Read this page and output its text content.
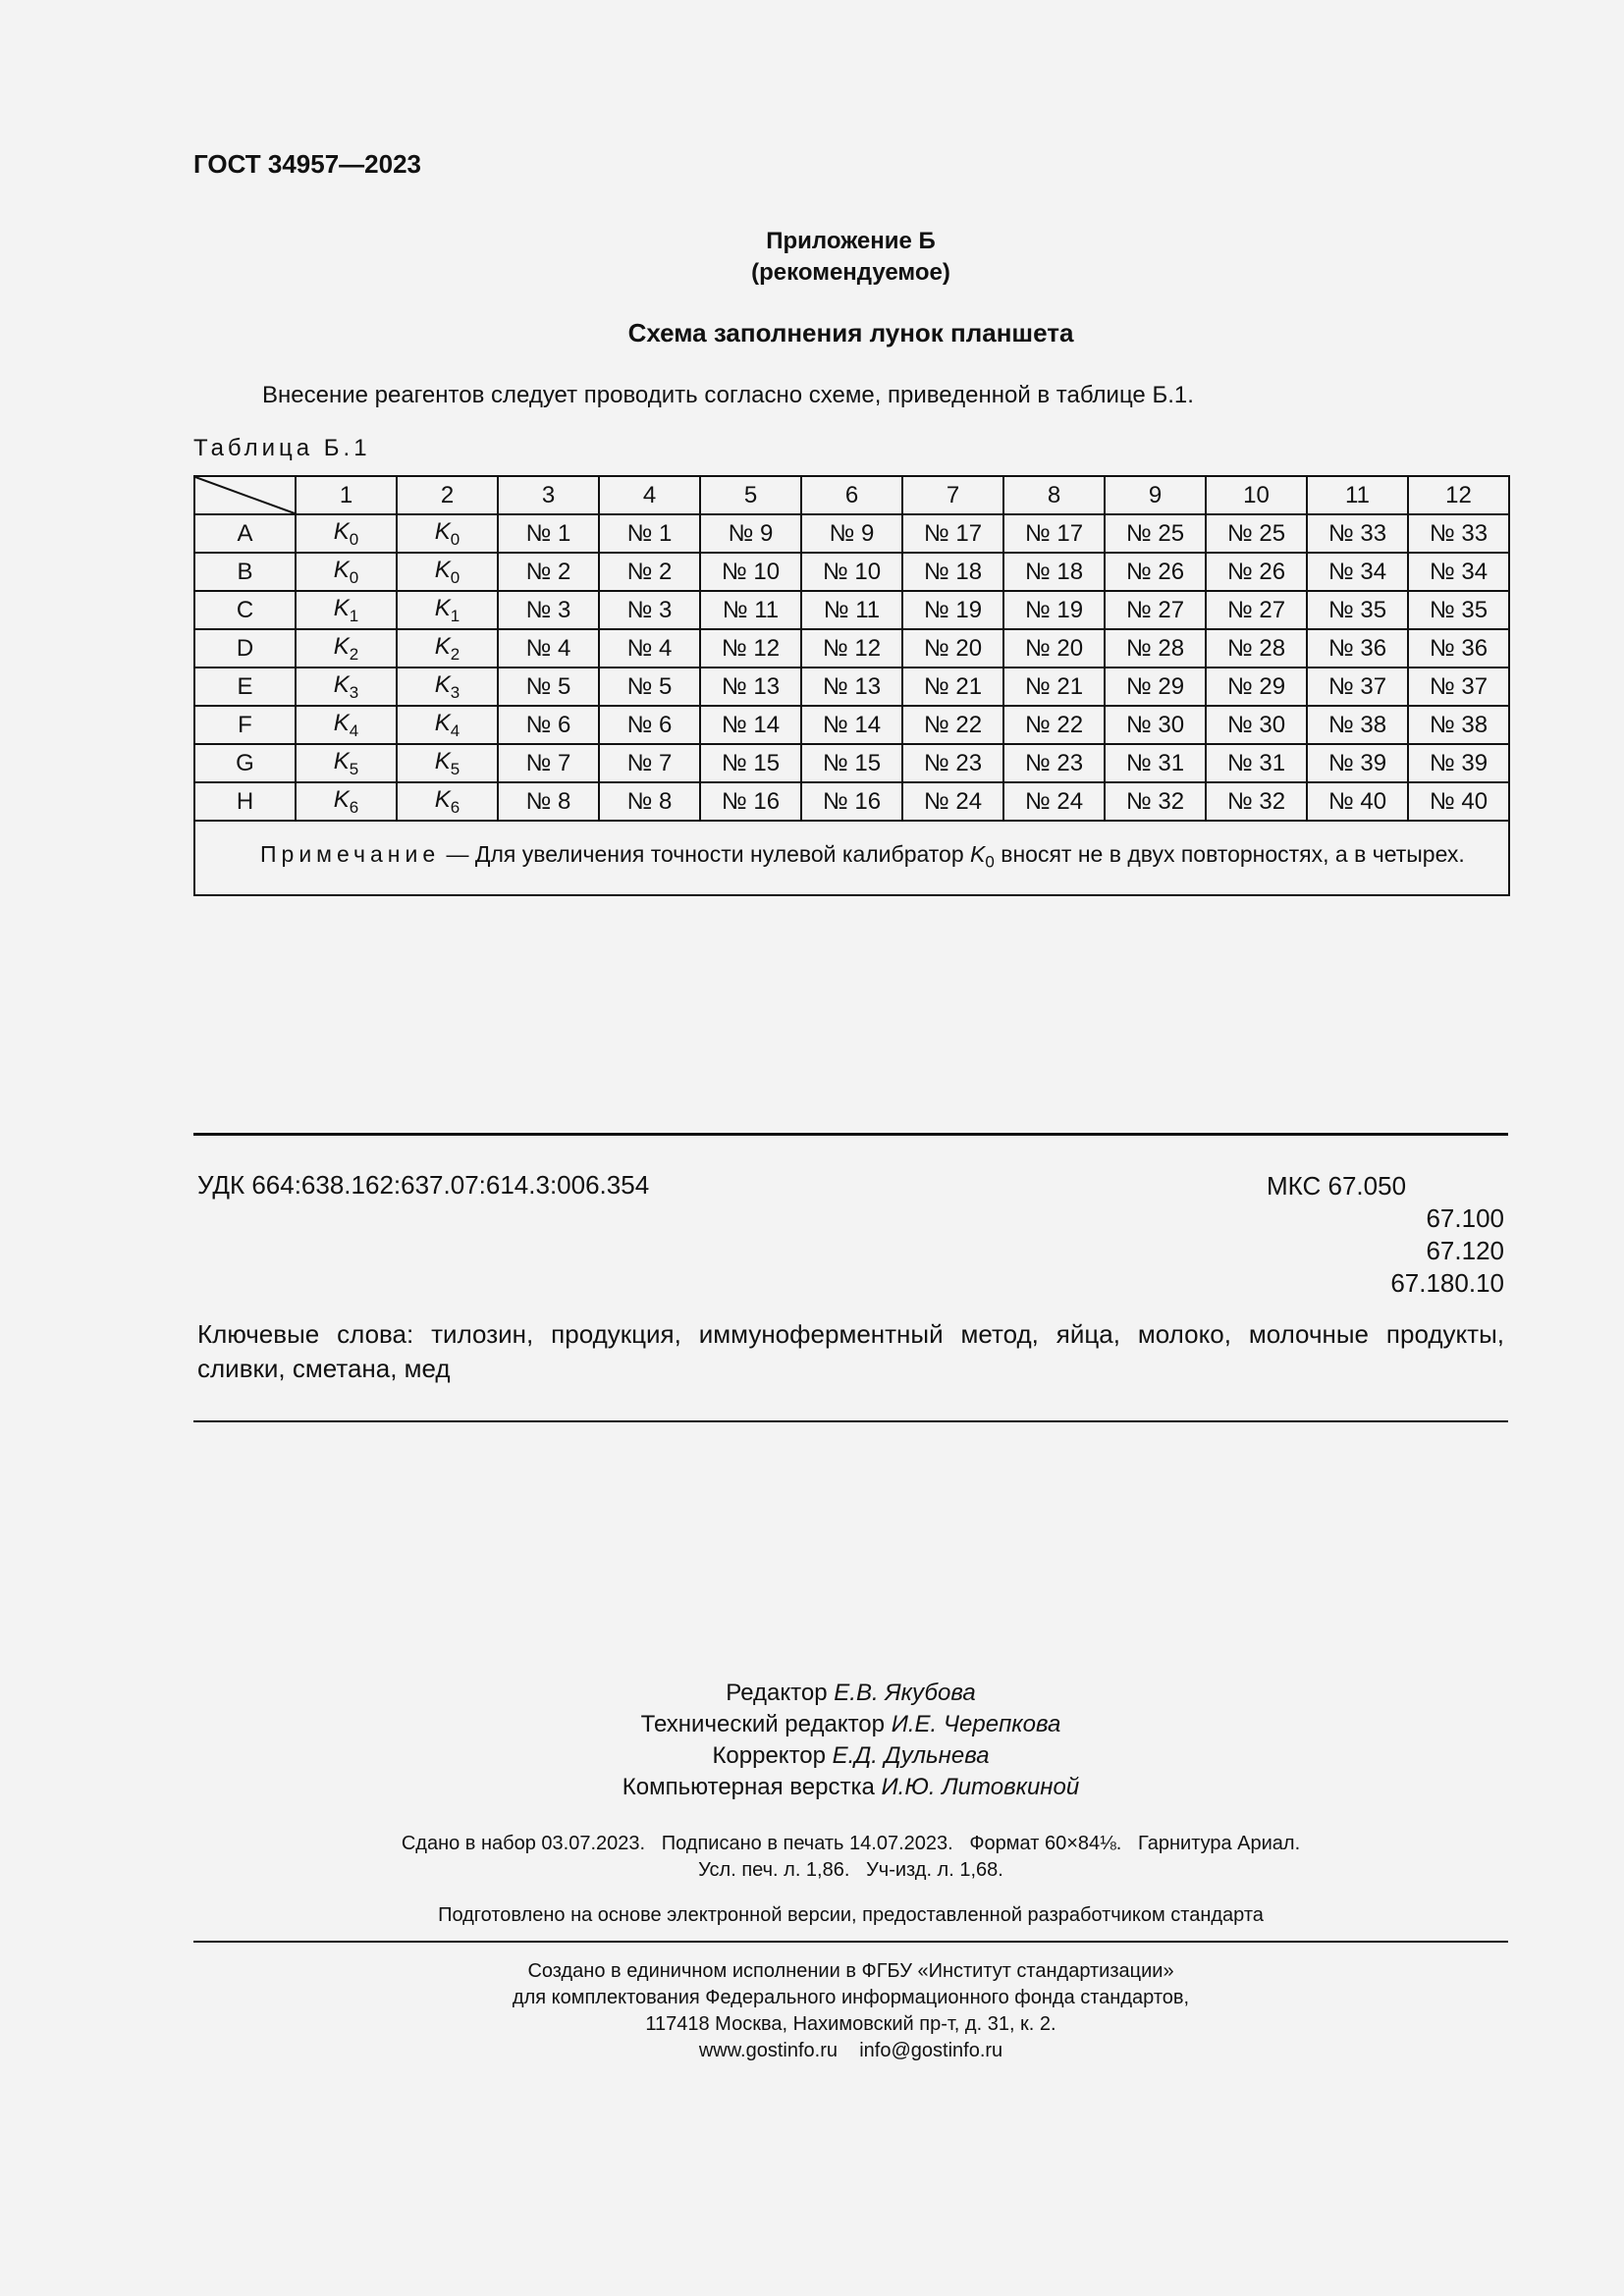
ГОСТ 34957—2023
Приложение Б
(рекомендуемое)
Схема заполнения лунок планшета
Внесение реагентов следует проводить согласно схеме, приведенной в таблице Б.1.
Таблица Б.1
	1	2	3	4	5	6	7	8	9	10	11	12
A	$K_0$	$K_0$	№ 1	№ 1	№ 9	№ 9	№ 17	№ 17	№ 25	№ 25	№ 33	№ 33
B	$K_0$	$K_0$	№ 2	№ 2	№ 10	№ 10	№ 18	№ 18	№ 26	№ 26	№ 34	№ 34
C	$K_1$	$K_1$	№ 3	№ 3	№ 11	№ 11	№ 19	№ 19	№ 27	№ 27	№ 35	№ 35
D	$K_2$	$K_2$	№ 4	№ 4	№ 12	№ 12	№ 20	№ 20	№ 28	№ 28	№ 36	№ 36
E	$K_3$	$K_3$	№ 5	№ 5	№ 13	№ 13	№ 21	№ 21	№ 29	№ 29	№ 37	№ 37
F	$K_4$	$K_4$	№ 6	№ 6	№ 14	№ 14	№ 22	№ 22	№ 30	№ 30	№ 38	№ 38
G	$K_5$	$K_5$	№ 7	№ 7	№ 15	№ 15	№ 23	№ 23	№ 31	№ 31	№ 39	№ 39
H	$K_6$	$K_6$	№ 8	№ 8	№ 16	№ 16	№ 24	№ 24	№ 32	№ 32	№ 40	№ 40
Примечание — Для увеличения точности нулевой калибратор $K_0$ вносят не в двух повторностях, а в четырех.												
УДК 664:638.162:637.07:614.3:006.354	МКС 67.050
67.100
67.120
67.180.10
Ключевые слова: тилозин, продукция, иммуноферментный метод, яйца, молоко, молочные продукты, сливки, сметана, мед
Редактор Е.В. Якубова
Технический редактор И.Е. Черепкова
Корректор Е.Д. Дульнева
Компьютерная верстка И.Ю. Литовкиной
Сдано в набор 03.07.2023.   Подписано в печать 14.07.2023.   Формат 60×84⅛.   Гарнитура Ариал.
Усл. печ. л. 1,86.   Уч-изд. л. 1,68.
Подготовлено на основе электронной версии, предоставленной разработчиком стандарта
Создано в единичном исполнении в ФГБУ «Институт стандартизации»
для комплектования Федерального информационного фонда стандартов,
117418 Москва, Нахимовский пр-т, д. 31, к. 2.
www.gostinfo.ru    info@gostinfo.ru
